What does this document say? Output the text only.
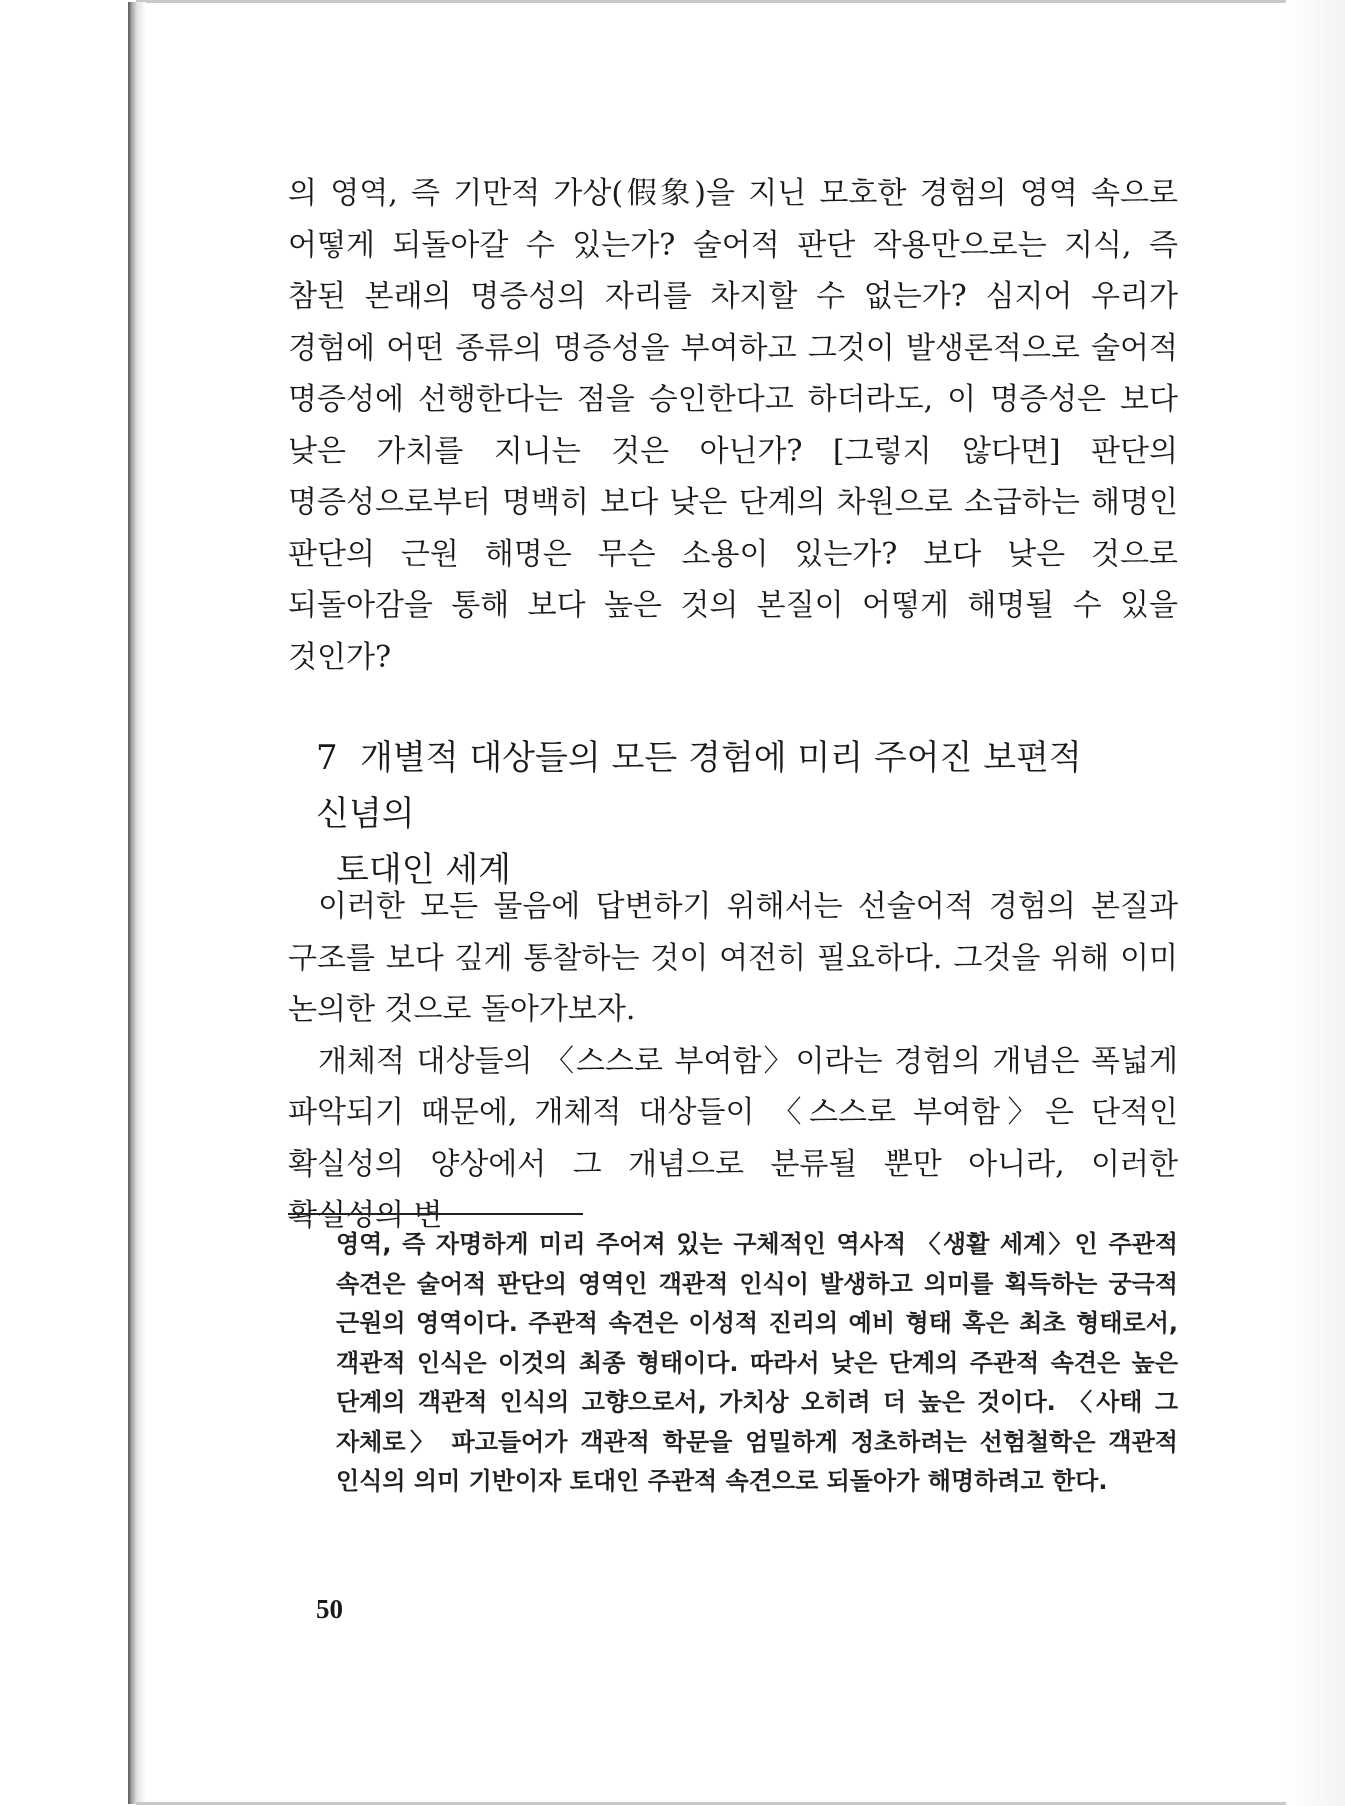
의 영역, 즉 기만적 가상(假象)을 지닌 모호한 경험의 영역 속으로 어떻게 되돌아갈 수 있는가? 술어적 판단 작용만으로는 지식, 즉 참된 본래의 명증성의 자리를 차지할 수 없는가? 심지어 우리가 경험에 어떤 종류의 명증성을 부여하고 그것이 발생론적으로 술어적 명증성에 선행한다는 점을 승인한다고 하더라도, 이 명증성은 보다 낮은 가치를 지니는 것은 아닌가? [그렇지 않다면] 판단의 명증성으로부터 명백히 보다 낮은 단계의 차원으로 소급하는 해명인 판단의 근원 해명은 무슨 소용이 있는가? 보다 낮은 것으로 되돌아감을 통해 보다 높은 것의 본질이 어떻게 해명될 수 있을 것인가?

7 개별적 대상들의 모든 경험에 미리 주어진 보편적 신념의
토대인 세계

이러한 모든 물음에 답변하기 위해서는 선술어적 경험의 본질과 구조를 보다 깊게 통찰하는 것이 여전히 필요하다. 그것을 위해 이미 논의한 것으로 돌아가보자.

개체적 대상들의 〈스스로 부여함〉이라는 경험의 개념은 폭넓게 파악되기 때문에, 개체적 대상들이 〈스스로 부여함〉은 단적인 확실성의 양상에서 그 개념으로 분류될 뿐만 아니라, 이러한 확실성의 변

영역, 즉 자명하게 미리 주어져 있는 구체적인 역사적 〈생활 세계〉인 주관적 속견은 술어적 판단의 영역인 객관적 인식이 발생하고 의미를 획득하는 궁극적 근원의 영역이다. 주관적 속견은 이성적 진리의 예비 형태 혹은 최초 형태로서, 객관적 인식은 이것의 최종 형태이다. 따라서 낮은 단계의 주관적 속견은 높은 단계의 객관적 인식의 고향으로서, 가치상 오히려 더 높은 것이다. 〈사태 그 자체로〉 파고들어가 객관적 학문을 엄밀하게 정초하려는 선험철학은 객관적 인식의 의미 기반이자 토대인 주관적 속견으로 되돌아가 해명하려고 한다.

50
